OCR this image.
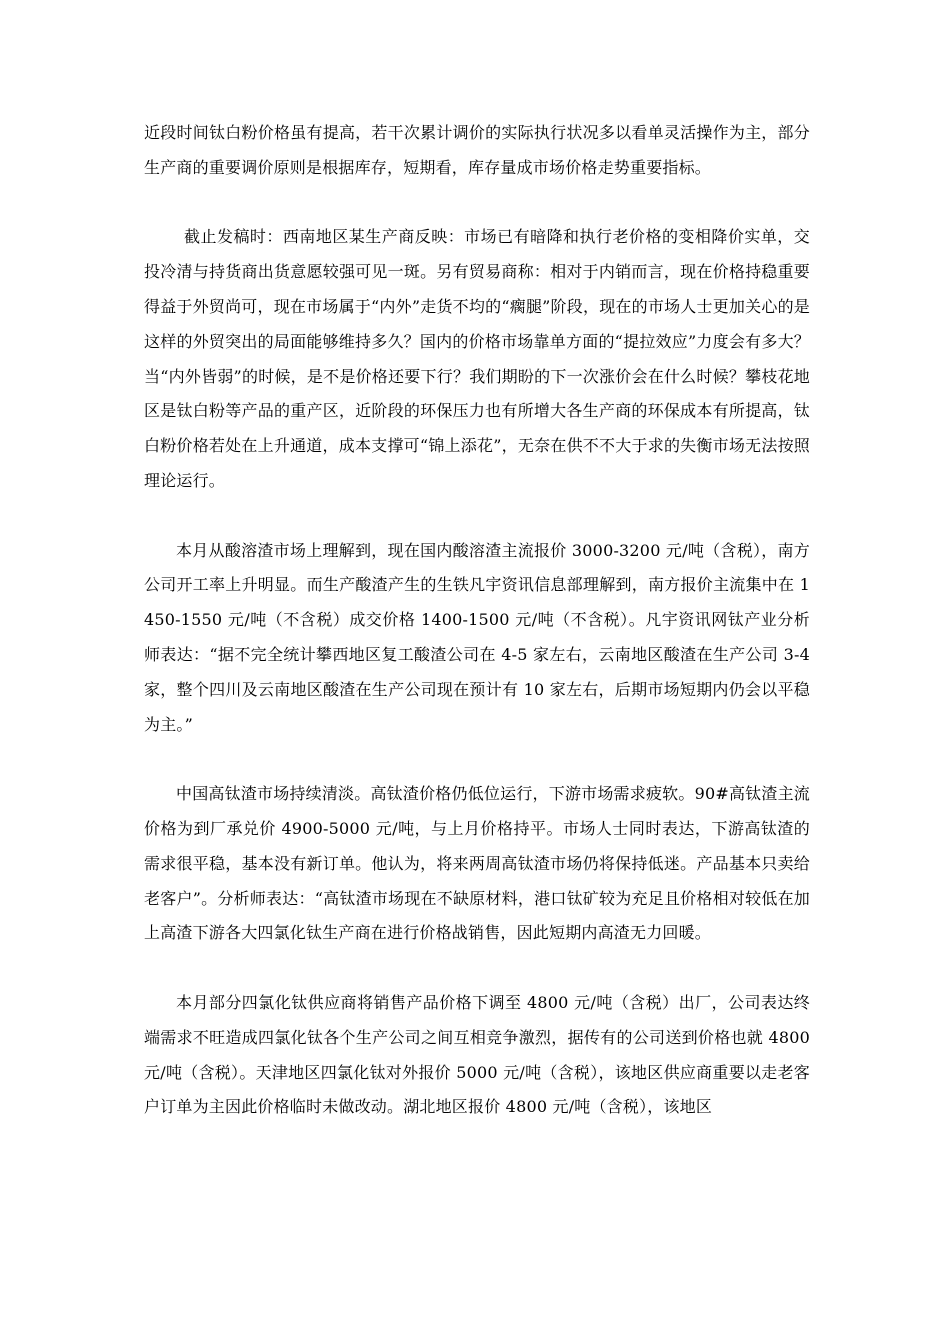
近段时间钛白粉价格虽有提高，若干次累计调价的实际执行状况多以看单灵活操作为主，部分生产商的重要调价原则是根据库存，短期看，库存量成市场价格走势重要指标。

截止发稿时：西南地区某生产商反映：市场已有暗降和执行老价格的变相降价实单，交投冷清与持货商出货意愿较强可见一斑。另有贸易商称：相对于内销而言，现在价格持稳重要得益于外贸尚可，现在市场属于“内外”走货不均的“瘸腿”阶段，现在的市场人士更加关心的是这样的外贸突出的局面能够维持多久？国内的价格市场靠单方面的“提拉效应”力度会有多大？当“内外皆弱”的时候，是不是价格还要下行？我们期盼的下一次涨价会在什么时候？攀枝花地区是钛白粉等产品的重产区，近阶段的环保压力也有所增大各生产商的环保成本有所提高，钛白粉价格若处在上升通道，成本支撑可“锦上添花”，无奈在供不不大于求的失衡市场无法按照理论运行。

本月从酸溶渣市场上理解到，现在国内酸溶渣主流报价 3000-3200 元/吨（含税），南方公司开工率上升明显。而生产酸渣产生的生铁凡宇资讯信息部理解到，南方报价主流集中在 1450-1550 元/吨（不含税）成交价格 1400-1500 元/吨（不含税）。凡宇资讯网钛产业分析师表达：“据不完全统计攀西地区复工酸渣公司在 4-5 家左右，云南地区酸渣在生产公司 3-4 家，整个四川及云南地区酸渣在生产公司现在预计有 10 家左右，后期市场短期内仍会以平稳为主。”

中国高钛渣市场持续清淡。高钛渣价格仍低位运行，下游市场需求疲软。90#高钛渣主流价格为到厂承兑价 4900-5000 元/吨，与上月价格持平。市场人士同时表达，下游高钛渣的需求很平稳，基本没有新订单。他认为，将来两周高钛渣市场仍将保持低迷。产品基本只卖给老客户”。分析师表达：“高钛渣市场现在不缺原材料，港口钛矿较为充足且价格相对较低在加上高渣下游各大四氯化钛生产商在进行价格战销售，因此短期内高渣无力回暖。

本月部分四氯化钛供应商将销售产品价格下调至 4800 元/吨（含税）出厂，公司表达终端需求不旺造成四氯化钛各个生产公司之间互相竞争激烈，据传有的公司送到价格也就 4800 元/吨（含税）。天津地区四氯化钛对外报价 5000 元/吨（含税），该地区供应商重要以走老客户订单为主因此价格临时未做改动。湖北地区报价 4800 元/吨（含税），该地区
